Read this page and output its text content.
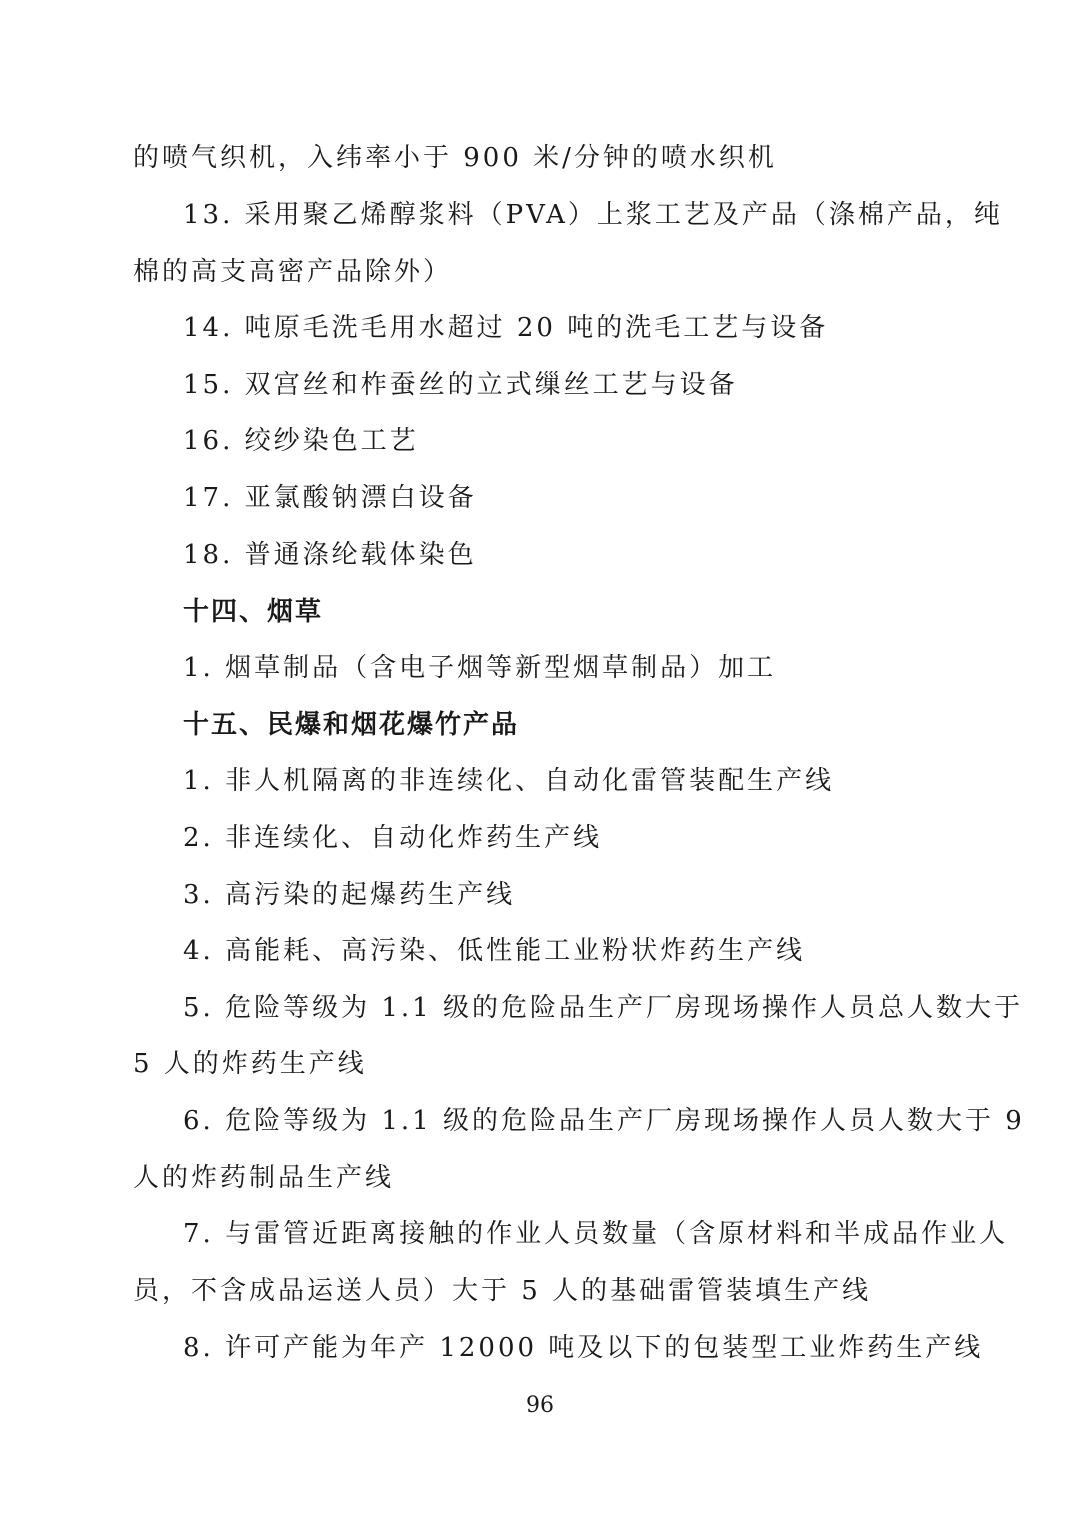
的喷气织机，入纬率小于 900 米/分钟的喷水织机
13. 采用聚乙烯醇浆料（PVA）上浆工艺及产品（涤棉产品，纯
棉的高支高密产品除外）
14. 吨原毛洗毛用水超过 20 吨的洗毛工艺与设备
15. 双宫丝和柞蚕丝的立式缫丝工艺与设备
16. 绞纱染色工艺
17. 亚氯酸钠漂白设备
18. 普通涤纶载体染色
十四、烟草
1. 烟草制品（含电子烟等新型烟草制品）加工
十五、民爆和烟花爆竹产品
1. 非人机隔离的非连续化、自动化雷管装配生产线
2. 非连续化、自动化炸药生产线
3. 高污染的起爆药生产线
4. 高能耗、高污染、低性能工业粉状炸药生产线
5. 危险等级为 1.1 级的危险品生产厂房现场操作人员总人数大于
5 人的炸药生产线
6. 危险等级为 1.1 级的危险品生产厂房现场操作人员人数大于 9
人的炸药制品生产线
7. 与雷管近距离接触的作业人员数量（含原材料和半成品作业人
员，不含成品运送人员）大于 5 人的基础雷管装填生产线
8. 许可产能为年产 12000 吨及以下的包装型工业炸药生产线
96
